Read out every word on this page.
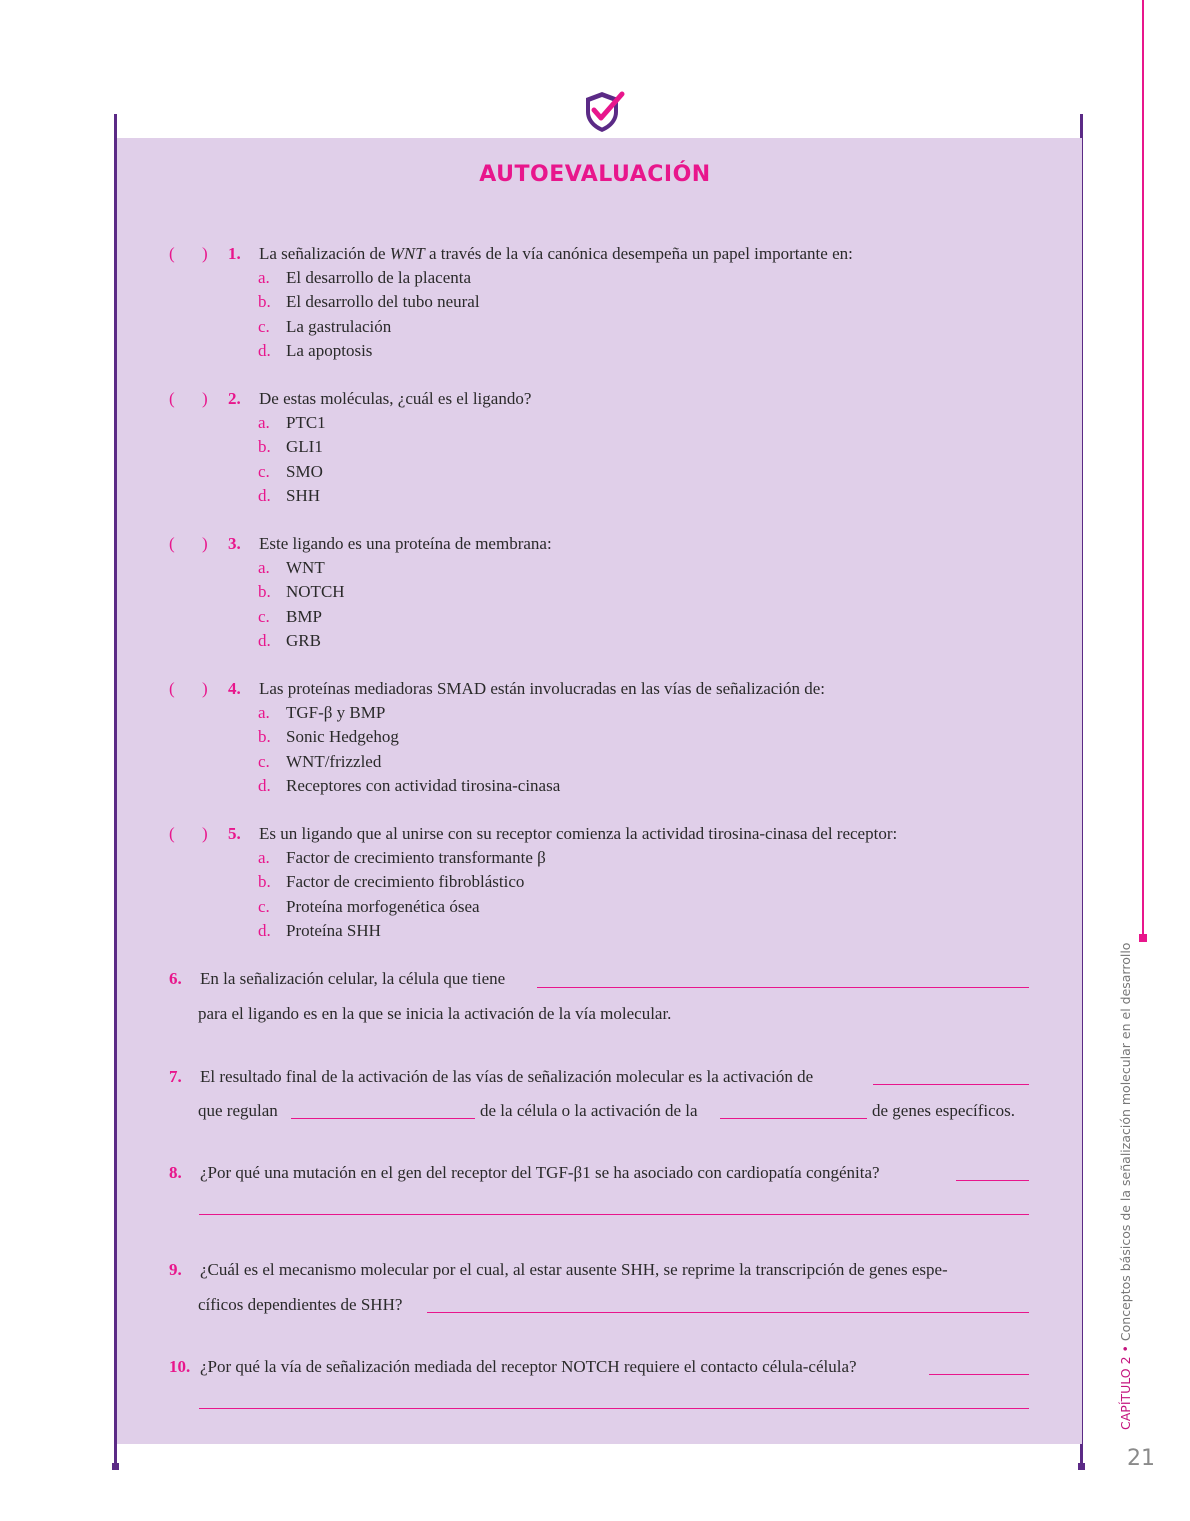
AUTOEVALUACIÓN
( ) 1. La señalización de WNT a través de la vía canónica desempeña un papel importante en:
a. El desarrollo de la placenta
b. El desarrollo del tubo neural
c. La gastrulación
d. La apoptosis
( ) 2. De estas moléculas, ¿cuál es el ligando?
a. PTC1
b. GLI1
c. SMO
d. SHH
( ) 3. Este ligando es una proteína de membrana:
a. WNT
b. NOTCH
c. BMP
d. GRB
( ) 4. Las proteínas mediadoras SMAD están involucradas en las vías de señalización de:
a. TGF-β y BMP
b. Sonic Hedgehog
c. WNT/frizzled
d. Receptores con actividad tirosina-cinasa
( ) 5. Es un ligando que al unirse con su receptor comienza la actividad tirosina-cinasa del receptor:
a. Factor de crecimiento transformante β
b. Factor de crecimiento fibroblástico
c. Proteína morfogenética ósea
d. Proteína SHH
6. En la señalización celular, la célula que tiene
para el ligando es en la que se inicia la activación de la vía molecular.
7. El resultado final de la activación de las vías de señalización molecular es la activación de
que regulan	de la célula o la activación de la	de genes específicos.
8. ¿Por qué una mutación en el gen del receptor del TGF-β1 se ha asociado con cardiopatía congénita?
9. ¿Cuál es el mecanismo molecular por el cual, al estar ausente SHH, se reprime la transcripción de genes espe-
cíficos dependientes de SHH?
10. ¿Por qué la vía de señalización mediada del receptor NOTCH requiere el contacto célula-célula?	CAPÍTULO 2 • Conceptos básicos de la señalización molecular en el desarrollo
21
